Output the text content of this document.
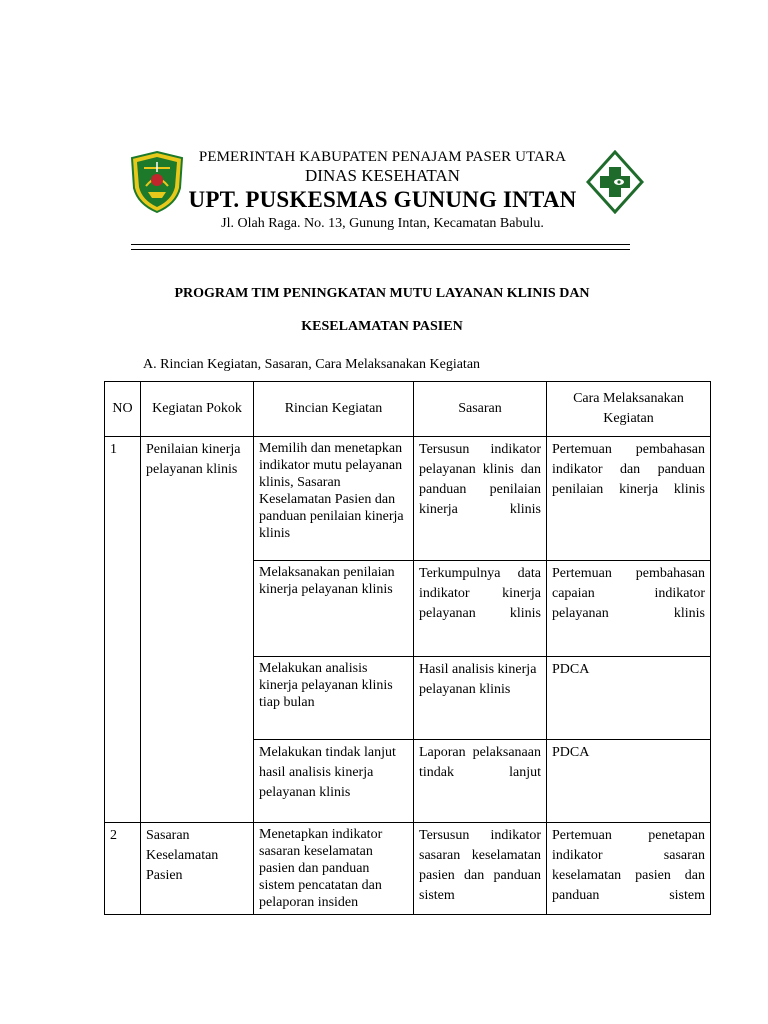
PEMERINTAH KABUPATEN PENAJAM PASER UTARA
DINAS KESEHATAN
UPT. PUSKESMAS GUNUNG INTAN
Jl. Olah Raga. No. 13, Gunung Intan, Kecamatan Babulu.
PROGRAM TIM PENINGKATAN MUTU LAYANAN KLINIS DAN
KESELAMATAN PASIEN
A. Rincian Kegiatan, Sasaran, Cara Melaksanakan Kegiatan
NO	Kegiatan Pokok	Rincian Kegiatan	Sasaran	Cara Melaksanakan Kegiatan
1	Penilaian kinerja pelayanan klinis	Memilih dan menetapkan indikator mutu pelayanan klinis, Sasaran Keselamatan Pasien dan panduan penilaian kinerja klinis	Tersusun indikator pelayanan klinis dan panduan penilaian kinerja klinis	Pertemuan pembahasan indikator dan panduan penilaian kinerja klinis
		Melaksanakan penilaian kinerja pelayanan klinis	Terkumpulnya data indikator kinerja pelayanan klinis	Pertemuan pembahasan capaian indikator pelayanan klinis
		Melakukan analisis kinerja pelayanan klinis tiap bulan	Hasil analisis kinerja pelayanan klinis	PDCA
		Melakukan tindak lanjut hasil analisis kinerja pelayanan klinis	Laporan pelaksanaan tindak lanjut	PDCA
2	Sasaran Keselamatan Pasien	Menetapkan indikator sasaran keselamatan pasien dan panduan sistem pencatatan dan pelaporan insiden	Tersusun indikator sasaran keselamatan pasien dan panduan sistem	Pertemuan penetapan indikator sasaran keselamatan pasien dan panduan sistem
